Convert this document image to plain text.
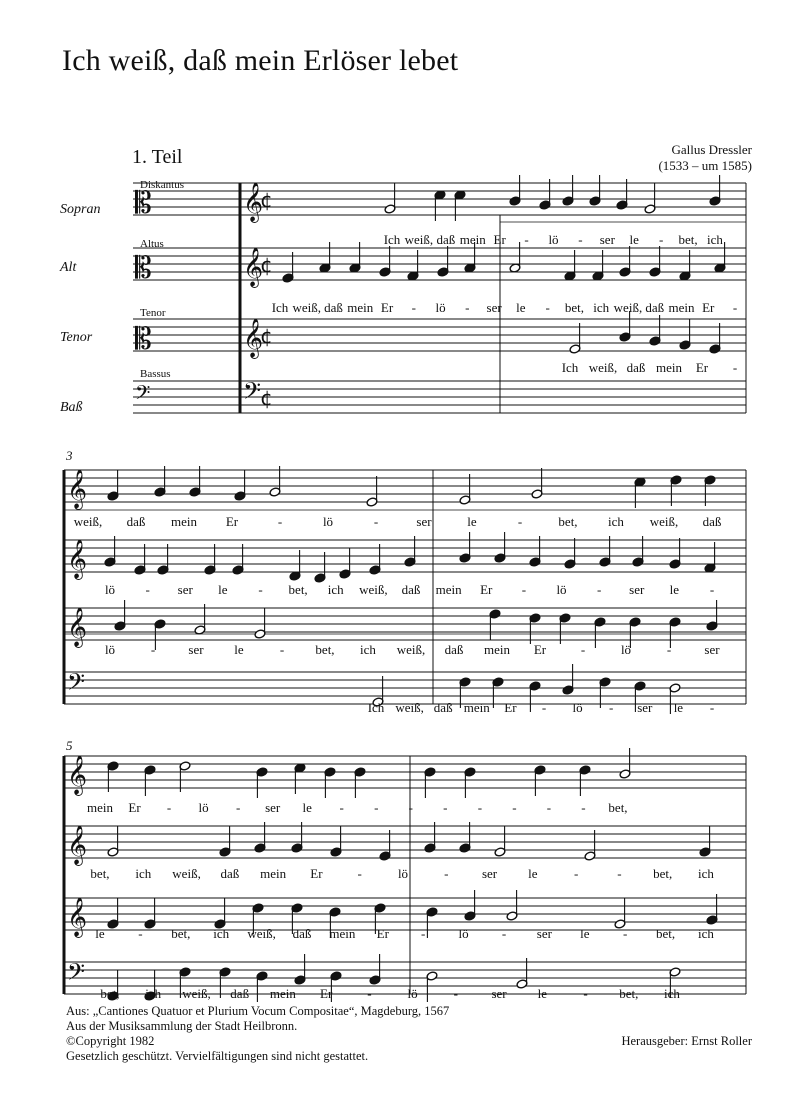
Ich weiß, daß mein Erlöser lebet
1. Teil	Gallus Dressler
(1533 – um 1585)
Sopran
Alt
Tenor
Baß
Diskantus
Altus
Tenor
Bassus
3
5
𝄞
𝄞
𝄞
𝄢
¢
¢
¢
¢
𝄡
𝄡
𝄡
𝄢
𝄞
𝄞
𝄞
𝄢
𝄞
𝄞
𝄞
𝄢
Ich weiß, daß mein Er - lö - ser le - bet, ich
Ich weiß, daß mein Er - lö - ser le - bet, ich weiß, daß mein Er -
Ich weiß, daß mein Er -
weiß, daß mein Er	-	lö	-	ser	le	-	bet, ich weiß, daß
lö - ser le - bet, ich weiß, daß mein Er - lö - ser le -
lö	-	ser le	- bet, ich weiß, daß mein Er	-	lö	-	ser
Ich weiß, daß mein Er - lö - ser le -
mein Er - lö - ser le - - - - - - - - bet,
bet, ich weiß, daß mein Er	-	lö	-	ser le	-	- bet, ich
le	- bet, ich weiß, daß mein Er -	lö	- ser le	- bet, ich
bet, ich weiß, daß mein Er	-	lö	-	ser le	- bet, ich
Aus: „Cantiones Quatuor et Plurium Vocum Compositae“, Magdeburg, 1567
Aus der Musiksammlung der Stadt Heilbronn.
©Copyright 1982
Gesetzlich geschützt. Vervielfältigungen sind nicht gestattet.
Herausgeber: Ernst Roller
